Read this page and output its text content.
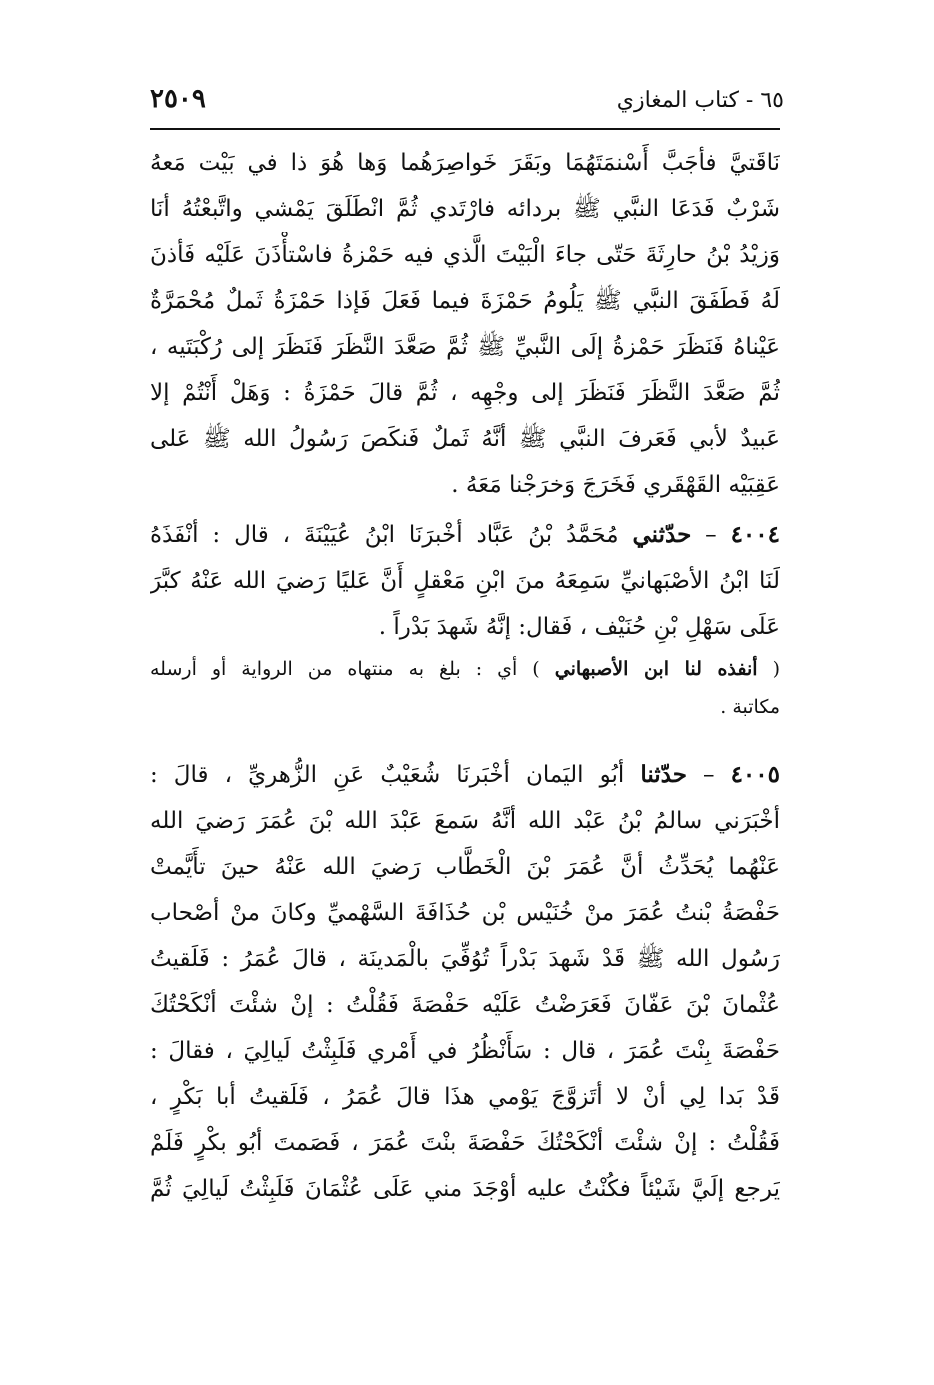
٦٥ - كتاب المغازي
٢٥٠٩
نَاقَتيَّ فأجَبَّ أَسْنمَتَهُمَا وبَقَرَ خَواصِرَهُما وَها هُوَ ذا في بَيْت مَعهُ
شَرْبٌ فَدَعَا النبَّي ﷺ بردائه فارْتَدي ثُمَّ انْطَلَقَ يَمْشي واتَّبعْتُهُ أنَا
وَزيْدُ بْنُ حارِثَةَ حَتّى جاءَ الْبَيْتَ الَّذي فيه حَمْزةُ فاسْتأْذَنَ عَلَيْه فَأذنَ
لَهُ فَطَفَقَ النبَّي ﷺ يَلُومُ حَمْزَةَ فيما فَعَلَ فَإذا حَمْزَةُ ثَملٌ مُحْمَرَّةٌ
عَيْناهُ فَنَظَرَ حَمْزةُ إلَى النَّبيِّ ﷺ ثُمَّ صَعَّدَ النَّظَرَ فَنَظَرَ إلى رُكْبَتَيه ،
ثُمَّ صَعَّدَ النَّظَرَ فَنَظَرَ إلى وجْهِه ، ثُمَّ قالَ حَمْزَةُ : وَهَلْ أَنْتُمْ إلا
عَبيدٌ لأبي فَعَرفَ النبَّي ﷺ أنَّهُ ثَملٌ فَنكَصَ رَسُولُ الله ﷺ عَلى
عَقِبَيْه القَهْقَري فَخَرَجَ وَخرَجْنا مَعَهُ .
٤٠٠٤ – حدّثني مُحَمَّدُ بْنُ عَبَّاد أخْبرَنَا ابْنُ عُيَيْنَةَ ، قال : أنْفَذَهُ
لَنَا ابْنُ الأصْبَهانيِّ سَمِعَهُ منَ ابْنِ مَعْقلٍ أَنَّ عَليًا رَضيَ الله عَنْهُ كبَّرَ
عَلَى سَهْلِ بْنِ حُنَيْف ، فَقال: إنَّهُ شَهدَ بَدْراً .
( أنفذه لنا ابن الأصبهاني ) أي : بلغ به منتهاه من الرواية أو أرسله
مكاتبة .
٤٠٠٥ – حدّثنا أبُو اليَمان أخْبَرنَا شُعَيْبٌ عَنِ الزُّهريِّ ، قالَ :
أخْبَرَني سالمُ بْنُ عَبْد الله أنَّهُ سَمعَ عَبْدَ الله بْنَ عُمَرَ رَضيَ الله
عَنْهُما يُحَدِّثُ أنَّ عُمَرَ بْنَ الْخَطَّاب رَضيَ الله عَنْهُ حينَ تأَيَّمتْ
حَفْصَةُ بْنتُ عُمَرَ منْ خُنَيْس بْن حُذَافَةَ السَّهْميِّ وكانَ منْ أصْحاب
رَسُول الله ﷺ قَدْ شَهدَ بَدْراً تُوُفِّيَ بالْمَدينَة ، قالَ عُمَرُ : فَلَقيتُ
عُثْمانَ بْنَ عَفّانَ فَعَرَضْتُ عَلَيْه حَفْصَةَ فَقُلْتُ : إنْ شئْتَ أنْكَحْتُكَ
حَفْصَةَ بِنْتَ عُمَرَ ، قال : سَأَنْظُرُ في أَمْري فَلَبِثْتُ لَيالِيَ ، فقالَ :
قَدْ بَدا لِي أنْ لا أتَزوَّجَ يَوْمي هذَا قالَ عُمَرُ ، فَلَقيتُ أبا بَكْرٍ ،
فَقُلْتُ : إنْ شئْتَ أنْكَحْتُكَ حَفْصَةَ بنْتَ عُمَرَ ، فَصَمتَ أبُو بكْرٍ فَلَمْ
يَرجع إلَيَّ شَيْئاً فكُنْتُ عليه أوْجَدَ مني عَلَى عُثْمَانَ فَلَبِثْتُ لَيالِيَ ثُمَّ
